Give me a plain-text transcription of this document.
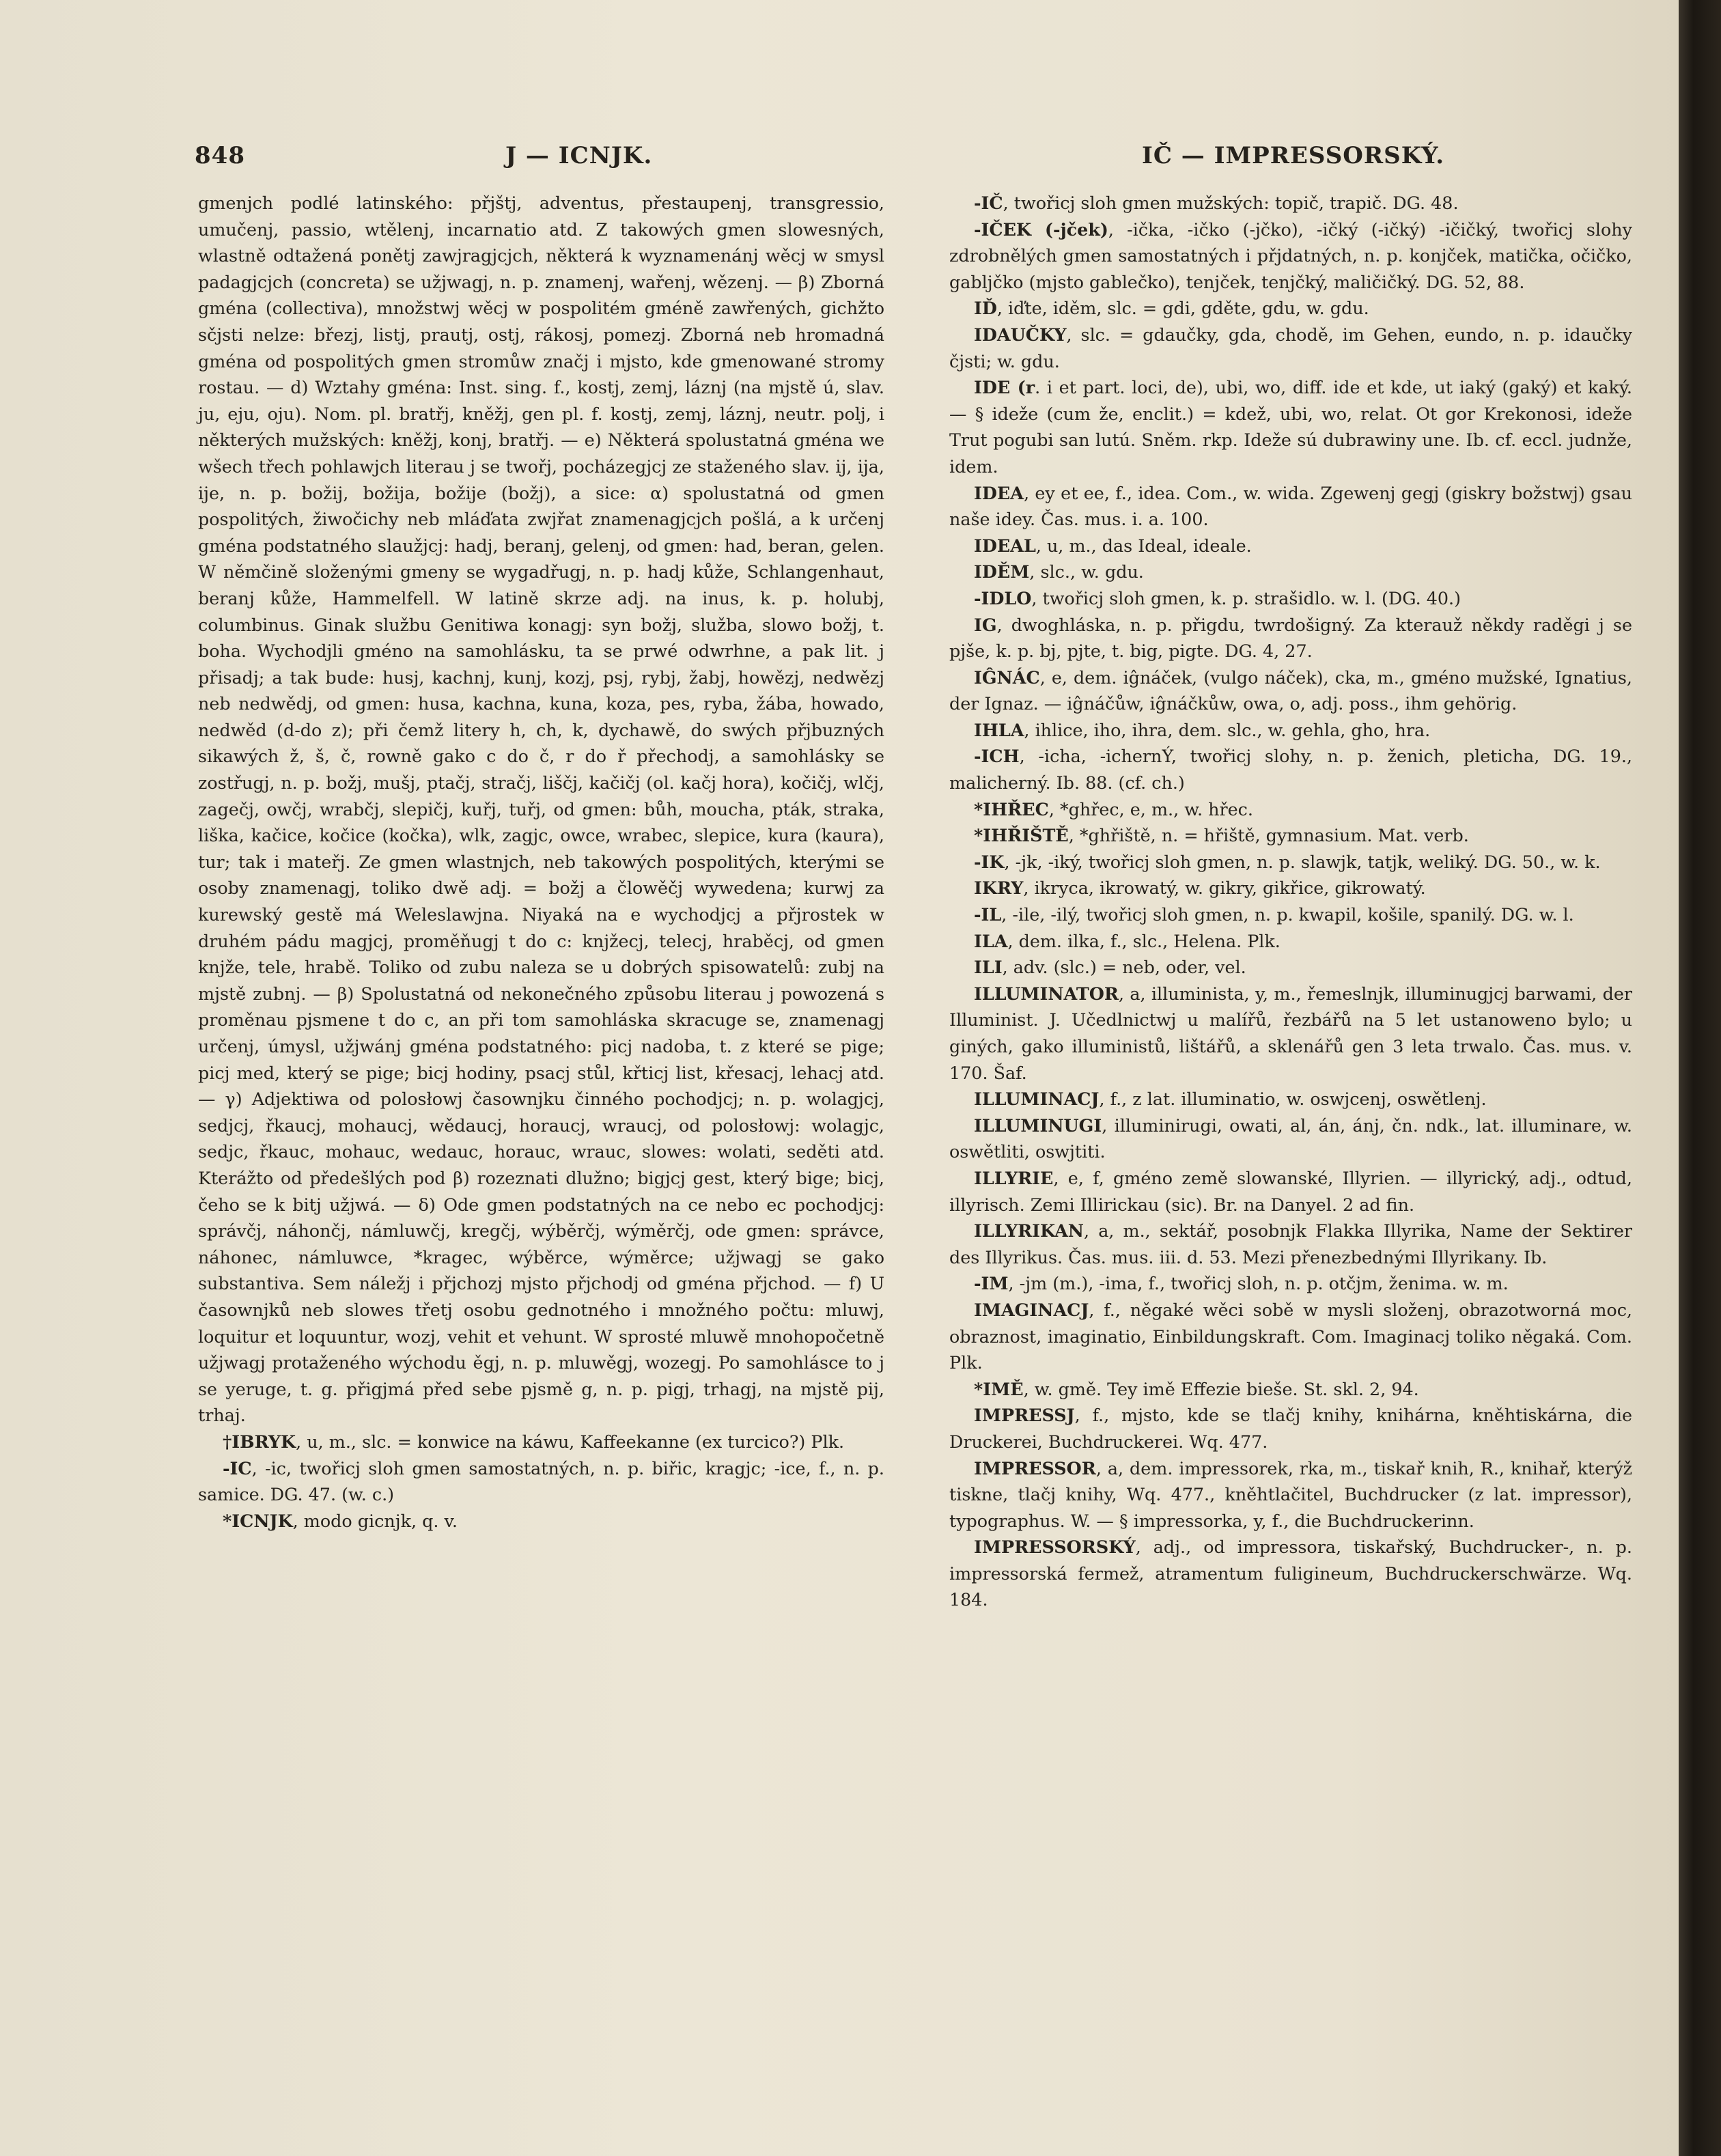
848	J — ICNJK.	IČ — IMPRESSORSKÝ.

gmenjch podlé latinského: přjštj, adventus, přestaupenj, transgressio, umučenj, passio, wtělenj, incarnatio atd. Z takowých gmen slowesných, wlastně odtažená ponětj zawjragjcjch, některá k wyznamenánj wěcj w smysl padagjcjch (concreta) se užjwagj, n. p. znamenj, wařenj, wězenj. — β) Zborná gména (collectiva), množstwj wěcj w pospolitém gméně zawřených, gichžto sčjsti nelze: březj, listj, prautj, ostj, rákosj, pomezj. Zborná neb hromadná gména od pospolitých gmen stromůw značj i mjsto, kde gmenowané stromy rostau. — d) Wztahy gména: Inst. sing. f., kostj, zemj, láznj (na mjstě ú, slav. ju, eju, oju). Nom. pl. bratřj, kněžj, gen pl. f. kostj, zemj, láznj, neutr. polj, i některých mužských: kněžj, konj, bratřj. — e) Některá spolustatná gména we wšech třech pohlawjch literau j se twořj, pocházegjcj ze staženého slav. ij, ija, ije, n. p. božij, božija, božije (božj), a sice: α) spolustatná od gmen pospolitých, žiwočichy neb mláďata zwjřat znamenagjcjch pošlá, a k určenj gména podstatného slaužjcj: hadj, beranj, gelenj, od gmen: had, beran, gelen. W němčině složenými gmeny se wygadřugj, n. p. hadj kůže, Schlangenhaut, beranj kůže, Hammelfell. W latině skrze adj. na inus, k. p. holubj, columbinus. Ginak službu Genitiwa konagj: syn božj, služba, slowo božj, t. boha. Wychodjli gméno na samohlásku, ta se prwé odwrhne, a pak lit. j přisadj; a tak bude: husj, kachnj, kunj, kozj, psj, rybj, žabj, howězj, nedwězj neb nedwědj, od gmen: husa, kachna, kuna, koza, pes, ryba, žába, howado, nedwěd (d-do z); při čemž litery h, ch, k, dychawě, do swých přjbuzných sikawých ž, š, č, rowně gako c do č, r do ř přechodj, a samohlásky se zostřugj, n. p. božj, mušj, ptačj, stračj, liščj, kačičj (ol. kačj hora), kočičj, wlčj, zagečj, owčj, wrabčj, slepičj, kuřj, tuřj, od gmen: bůh, moucha, pták, straka, liška, kačice, kočice (kočka), wlk, zagjc, owce, wrabec, slepice, kura (kaura), tur; tak i mateřj. Ze gmen wlastnjch, neb takowých pospolitých, kterými se osoby znamenagj, toliko dwě adj. = božj a člowěčj wywedena; kurwj za kurewský gestě má Weleslawjna. Niyaká na e wychodjcj a přjrostek w druhém pádu magjcj, proměňugj t do c: knjžecj, telecj, hraběcj, od gmen knjže, tele, hrabě. Toliko od zubu naleza se u dobrých spisowatelů: zubj na mjstě zubnj. — β) Spolustatná od nekonečného způsobu literau j powozená s proměnau pjsmene t do c, an při tom samohláska skracuge se, znamenagj určenj, úmysl, užjwánj gména podstatného: picj nadoba, t. z které se pige; picj med, který se pige; bicj hodiny, psacj stůl, křticj list, křesacj, lehacj atd. — γ) Adjektiwa od polosłowj časownjku činného pochodjcj; n. p. wolagjcj, sedjcj, řkaucj, mohaucj, wědaucj, horaucj, wraucj, od polosłowj: wolagjc, sedjc, řkauc, mohauc, wedauc, horauc, wrauc, slowes: wolati, seděti atd. Kterážto od předešlých pod β) rozeznati dlužno; bigjcj gest, který bige; bicj, čeho se k bitj užjwá. — δ) Ode gmen podstatných na ce nebo ec pochodjcj: správčj, náhončj, námluwčj, kregčj, wýběrčj, wýměrčj, ode gmen: správce, náhonec, námluwce, *kragec, wýběrce, wýměrce; užjwagj se gako substantiva. Sem náležj i přjchozj mjsto přjchodj od gména přjchod. — f) U časownjků neb slowes třetj osobu gednotného i množného počtu: mluwj, loquitur et loquuntur, wozj, vehit et vehunt. W sprosté mluwě mnohopočetně užjwagj protaženého wýchodu ěgj, n. p. mluwěgj, wozegj. Po samohlásce to j se yeruge, t. g. přigjmá před sebe pjsmě g, n. p. pigj, trhagj, na mjstě pij, trhaj.

†IBRYK, u, m., slc. = konwice na káwu, Kaffeekanne (ex turcico?) Plk.

-IC, -ic, twořicj sloh gmen samostatných, n. p. biřic, kragjc; -ice, f., n. p. samice. DG. 47. (w. c.)

*ICNJK, modo gicnjk, q. v.

-IČ, twořicj sloh gmen mužských: topič, trapič. DG. 48.

-IČEK (-jček), -ička, -ičko (-jčko), -ičký (-ičký) -ičičký, twořicj slohy zdrobnělých gmen samostatných i přjdatných, n. p. konjček, matička, očičko, gabljčko (mjsto gablečko), tenjček, tenjčký, maličičký. DG. 52, 88.

IĎ, iďte, iděm, slc. = gdi, gděte, gdu, w. gdu.

IDAUČKY, slc. = gdaučky, gda, chodě, im Gehen, eundo, n. p. idaučky čjsti; w. gdu.

IDE (r. i et part. loci, de), ubi, wo, diff. ide et kde, ut iaký (gaký) et kaký. — § ideže (cum že, enclit.) = kdež, ubi, wo, relat. Ot gor Krekonosi, ideže Trut pogubi san lutú. Sněm. rkp. Ideže sú dubrawiny une. Ib. cf. eccl. judnže, idem.

IDEA, ey et ee, f., idea. Com., w. wida. Zgewenj gegj (giskry božstwj) gsau naše idey. Čas. mus. i. a. 100.

IDEAL, u, m., das Ideal, ideale.

IDĚM, slc., w. gdu.

-IDLO, twořicj sloh gmen, k. p. strašidlo. w. l. (DG. 40.)

IG, dwoghláska, n. p. přigdu, twrdošigný. Za kterauž někdy raděgi j se pjše, k. p. bj, pjte, t. big, pigte. DG. 4, 27.

IĜNÁC, e, dem. iĝnáček, (vulgo náček), cka, m., gméno mužské, Ignatius, der Ignaz. — iĝnáčůw, iĝnáčkůw, owa, o, adj. poss., ihm gehörig.

IHLA, ihlice, iho, ihra, dem. slc., w. gehla, gho, hra.

-ICH, -icha, -ichernÝ, twořicj slohy, n. p. ženich, pleticha, DG. 19., malicherný. Ib. 88. (cf. ch.)

*IHŘEC, *ghřec, e, m., w. hřec.

*IHŘIŠTĚ, *ghřiště, n. = hřiště, gymnasium. Mat. verb.

-IK, -jk, -iký, twořicj sloh gmen, n. p. slawjk, tatjk, weliký. DG. 50., w. k.

IKRY, ikryca, ikrowatý, w. gikry, gikřice, gikrowatý.

-IL, -ile, -ilý, twořicj sloh gmen, n. p. kwapil, košile, spanilý. DG. w. l.

ILA, dem. ilka, f., slc., Helena. Plk.

ILI, adv. (slc.) = neb, oder, vel.

ILLUMINATOR, a, illuminista, y, m., řemeslnjk, illuminugjcj barwami, der Illuminist. J. Učedlnictwj u malířů, řezbářů na 5 let ustanoweno bylo; u giných, gako illuministů, lištářů, a sklenářů gen 3 leta trwalo. Čas. mus. v. 170. Šaf.

ILLUMINACJ, f., z lat. illuminatio, w. oswjcenj, oswětlenj.

ILLUMINUGI, illuminirugi, owati, al, án, ánj, čn. ndk., lat. illuminare, w. oswětliti, oswjtiti.

ILLYRIE, e, f, gméno země slowanské, Illyrien. — illyrický, adj., odtud, illyrisch. Zemi Illirickau (sic). Br. na Danyel. 2 ad fin.

ILLYRIKAN, a, m., sektář, posobnjk Flakka Illyrika, Name der Sektirer des Illyrikus. Čas. mus. iii. d. 53. Mezi přenezbednými Illyrikany. Ib.

-IM, -jm (m.), -ima, f., twořicj sloh, n. p. otčjm, ženima. w. m.

IMAGINACJ, f., něgaké wěci sobě w mysli složenj, obrazotworná moc, obraznost, imaginatio, Einbildungskraft. Com. Imaginacj toliko něgaká. Com. Plk.

*IMĚ, w. gmě. Tey imě Effezie bieše. St. skl. 2, 94.

IMPRESSJ, f., mjsto, kde se tlačj knihy, knihárna, kněhtiskárna, die Druckerei, Buchdruckerei. Wq. 477.

IMPRESSOR, a, dem. impressorek, rka, m., tiskař knih, R., knihař, kterýž tiskne, tlačj knihy, Wq. 477., kněhtlačitel, Buchdrucker (z lat. impressor), typographus. W. — § impressorka, y, f., die Buchdruckerinn.

IMPRESSORSKÝ, adj., od impressora, tiskařský, Buchdrucker-, n. p. impressorská fermež, atramentum fuligineum, Buchdruckerschwärze. Wq. 184.
